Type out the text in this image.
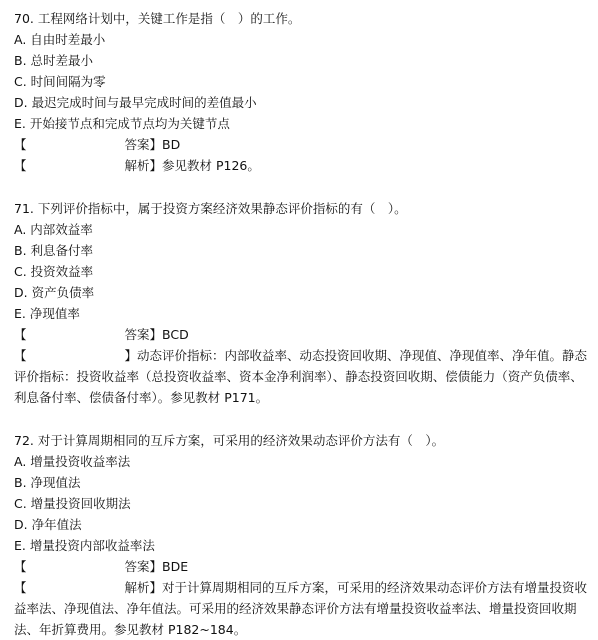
70. 工程网络计划中，关键工作是指（　）的工作。
A. 自由时差最小
B. 总时差最小
C. 时间间隔为零
D. 最迟完成时间与最早完成时间的差值最小
E. 开始接节点和完成节点均为关键节点
【	答案】BD
【	解析】参见教材 P126。
71. 下列评价指标中，属于投资方案经济效果静态评价指标的有（　）。
A. 内部效益率
B. 利息备付率
C. 投资效益率
D. 资产负债率
E. 净现值率
【	答案】BCD
【	】动态评价指标：内部收益率、动态投资回收期、净现值、净现值率、净年值。静态评价指标：投资收益率（总投资收益率、资本金净利润率）、静态投资回收期、偿债能力（资产负债率、利息备付率、偿债备付率）。参见教材 P171。
72. 对于计算周期相同的互斥方案，可采用的经济效果动态评价方法有（　）。
A. 增量投资收益率法
B. 净现值法
C. 增量投资回收期法
D. 净年值法
E. 增量投资内部收益率法
【	答案】BDE
【	解析】对于计算周期相同的互斥方案，可采用的经济效果动态评价方法有增量投资收益率法、净现值法、净年值法。可采用的经济效果静态评价方法有增量投资收益率法、增量投资回收期法、年折算费用。参见教材 P182~184。
